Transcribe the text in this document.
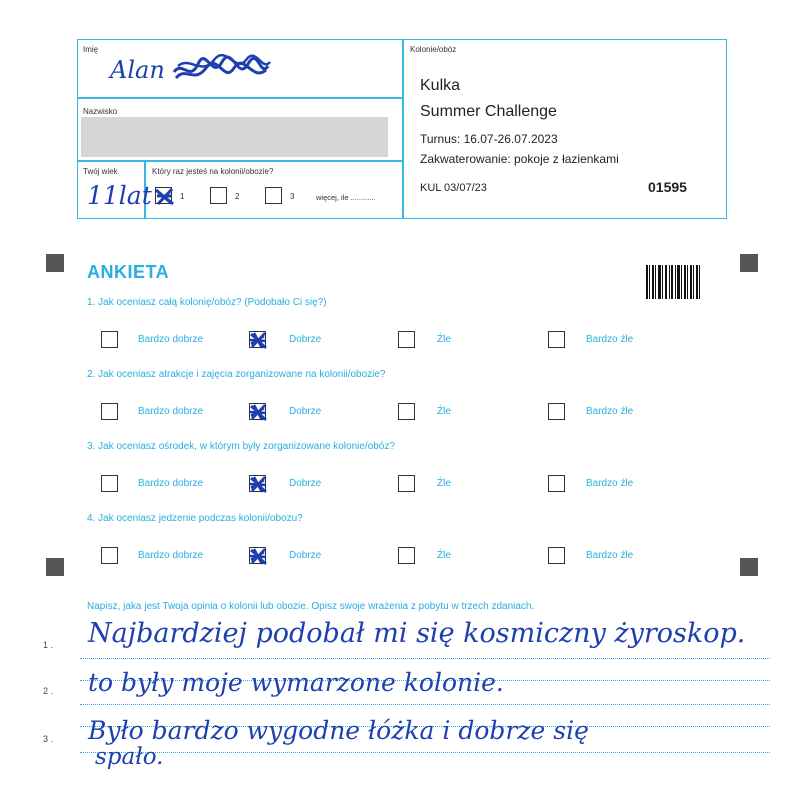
Imię
Alan
Nazwisko
Twój wiek
11lat
Który raz jesteś na kolonii/obozie?
1	2	3	więcej, ile ............
Kolonie/obóz
Kulka
Summer Challenge
Turnus: 16.07-26.07.2023
Zakwaterowanie: pokoje z łazienkami
KUL 03/07/23	01595
ANKIETA
1. Jak oceniasz całą kolonię/obóz? (Podobało Ci się?)
Bardzo dobrze	Dobrze	Źle	Bardzo źle
2. Jak oceniasz atrakcje i zajęcia zorganizowane na kolonii/obozie?
Bardzo dobrze	Dobrze	Źle	Bardzo źle
3. Jak oceniasz ośrodek, w którym były zorganizowane kolonie/obóz?
Bardzo dobrze	Dobrze	Źle	Bardzo źle
4. Jak oceniasz jedzenie podczas kolonii/obozu?
Bardzo dobrze	Dobrze	Źle	Bardzo źle
Napisz, jaka jest Twoja opinia o kolonii lub obozie. Opisz swoje wrażenia z pobytu w trzech zdaniach.
1 .
2 .
3 .
Najbardziej podobał mi się kosmiczny żyroskop.
to były moje wymarzone kolonie.
Było bardzo wygodne łóżka i dobrze się
spało.
